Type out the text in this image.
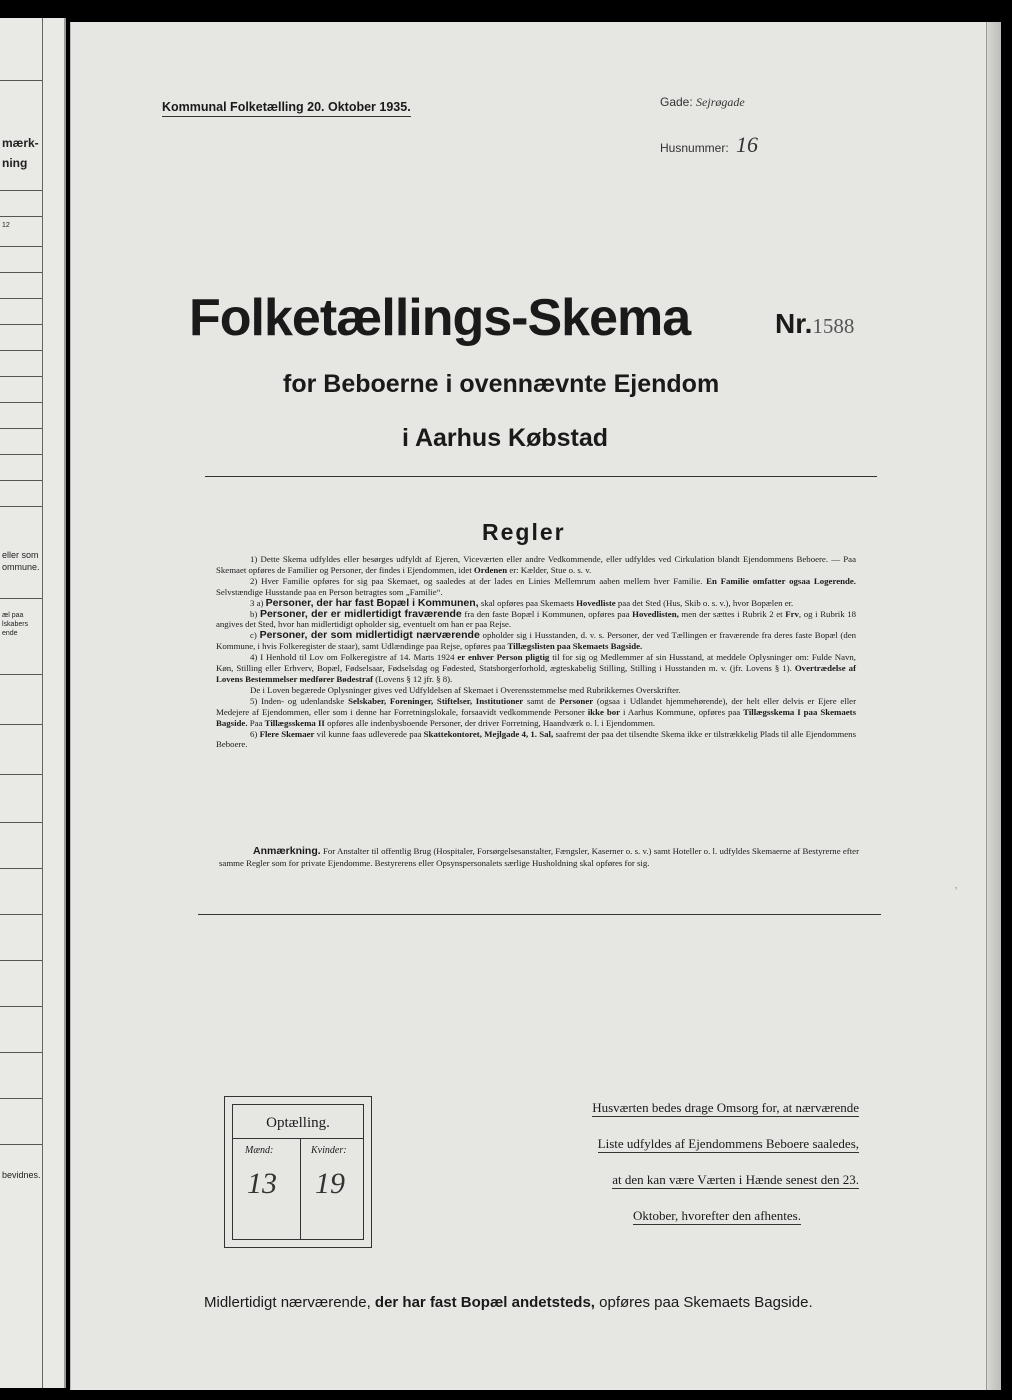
mærk-
ning
12
eller som
ommune.
æl paa
lskabers
ende
bevidnes.
Kommunal Folketælling 20. Oktober 1935.	Gade: Sejrøgade
Husnummer: 16
Folketællings-Skema	Nr.1588
for Beboerne i ovennævnte Ejendom
i Aarhus Købstad
Regler

1) Dette Skema udfyldes eller besørges udfyldt af Ejeren, Viceværten eller andre Vedkommende, eller udfyldes ved Cirkulation blandt Ejendommens Beboere. — Paa Skemaet opføres de Familier og Personer, der findes i Ejendommen, idet Ordenen er: Kælder, Stue o. s. v.

2) Hver Familie opføres for sig paa Skemaet, og saaledes at der lades en Linies Mellemrum aaben mellem hver Familie. En Familie omfatter ogsaa Logerende. Selvstændige Husstande paa en Person betragtes som „Familie“.

3 a) Personer, der har fast Bopæl i Kommunen, skal opføres paa Skemaets Hovedliste paa det Sted (Hus, Skib o. s. v.), hvor Bopælen er.

b) Personer, der er midlertidigt fraværende fra den faste Bopæl i Kommunen, opføres paa Hovedlisten, men der sættes i Rubrik 2 et Frv, og i Rubrik 18 angives det Sted, hvor han midlertidigt opholder sig, eventuelt om han er paa Rejse.

c) Personer, der som midlertidigt nærværende opholder sig i Husstanden, d. v. s. Personer, der ved Tællingen er fraværende fra deres faste Bopæl (den Kommune, i hvis Folkeregister de staar), samt Udlændinge paa Rejse, opføres paa Tillægslisten paa Skemaets Bagside.

4) I Henhold til Lov om Folkeregistre af 14. Marts 1924 er enhver Person pligtig til for sig og Medlemmer af sin Husstand, at meddele Oplysninger om: Fulde Navn, Køn, Stilling eller Erhverv, Bopæl, Fødselsaar, Fødselsdag og Fødested, Statsborgerforhold, ægteskabelig Stilling, Stilling i Husstanden m. v. (jfr. Lovens § 1). Overtrædelse af Lovens Bestemmelser medfører Bødestraf (Lovens § 12 jfr. § 8).

De i Loven begærede Oplysninger gives ved Udfyldelsen af Skemaet i Overensstemmelse med Rubrikkernes Overskrifter.

5) Inden- og udenlandske Selskaber, Foreninger, Stiftelser, Institutioner samt de Personer (ogsaa i Udlandet hjemmehørende), der helt eller delvis er Ejere eller Medejere af Ejendommen, eller som i denne har Forretningslokale, forsaavidt vedkommende Personer ikke bor i Aarhus Kommune, opføres paa Tillægsskema I paa Skemaets Bagside. Paa Tillægsskema II opføres alle indenbysboende Personer, der driver Forretning, Haandværk o. l. i Ejendommen.

6) Flere Skemaer vil kunne faas udleverede paa Skattekontoret, Mejlgade 4, 1. Sal, saafremt der paa det tilsendte Skema ikke er tilstrækkelig Plads til alle Ejendommens Beboere.

Anmærkning. For Anstalter til offentlig Brug (Hospitaler, Forsørgelsesanstalter, Fængsler, Kaserner o. s. v.) samt Hoteller o. l. udfyldes Skemaerne af Bestyrerne efter samme Regler som for private Ejendomme. Bestyrerens eller Opsynspersonalets særlige Husholdning skal opføres for sig.

,
Optælling.
Mænd:	Kvinder:
13 19
Husværten bedes drage Omsorg for, at nærværende
Liste udfyldes af Ejendommens Beboere saaledes,
at den kan være Værten i Hænde senest den 23.
Oktober, hvorefter den afhentes.
Midlertidigt nærværende, der har fast Bopæl andetsteds, opføres paa Skemaets Bagside.
